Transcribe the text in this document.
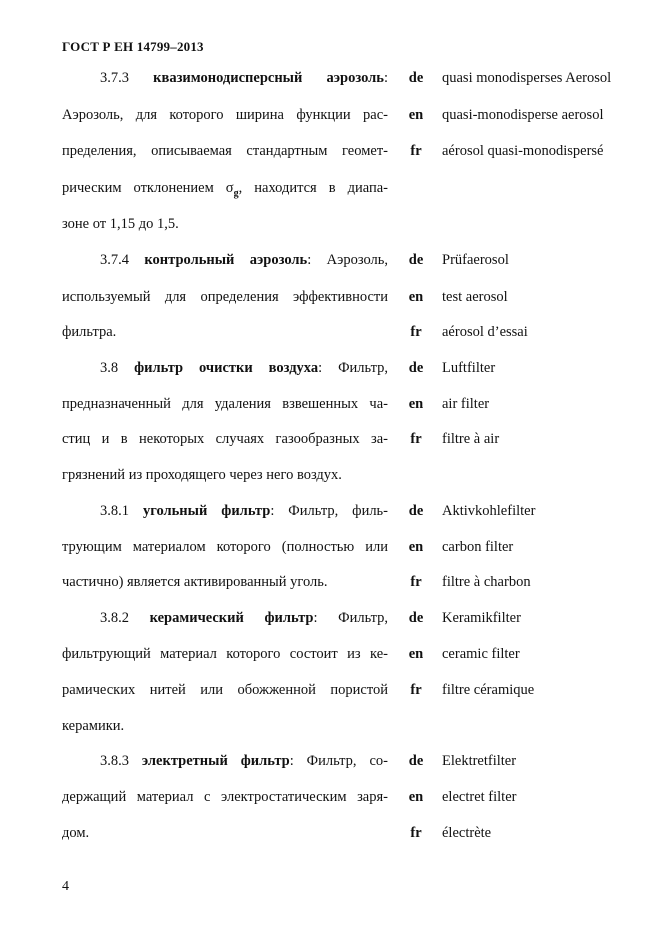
ГОСТ Р ЕН 14799–2013
3.7.3 квазимонодисперсный аэрозоль:
Аэрозоль, для которого ширина функции рас-
пределения, описываемая стандартным геомет-
рическим отклонением $\sigma_g$, находится в диапа-
зоне от 1,15 до 1,5.
de quasi monodisperses Aerosol
en quasi-monodisperse aerosol
fr	aérosol quasi-monodispersé
3.7.4 контрольный аэрозоль: Аэрозоль,
используемый для определения эффективности
фильтра.
de Prüfaerosol
en test aerosol
fr	aérosol d’essai
3.8 фильтр очистки воздуха: Фильтр,
предназначенный для удаления взвешенных ча-
стиц и в некоторых случаях газообразных за-
грязнений из проходящего через него воздух.
de Luftfilter
en air filter
fr	filtre à air
3.8.1 угольный фильтр: Фильтр, филь-
трующим материалом которого (полностью или
частично) является активированный уголь.
de Aktivkohlefilter
en carbon filter
fr	filtre à charbon
3.8.2 керамический фильтр: Фильтр,
фильтрующий материал которого состоит из ке-
рамических нитей или обожженной пористой
керамики.
de Keramikfilter
en ceramic filter
fr	filtre céramique
3.8.3 электретный фильтр: Фильтр, со-
держащий материал с электростатическим заря-
дом.
de Elektretfilter
en electret filter
fr	électrète
4
